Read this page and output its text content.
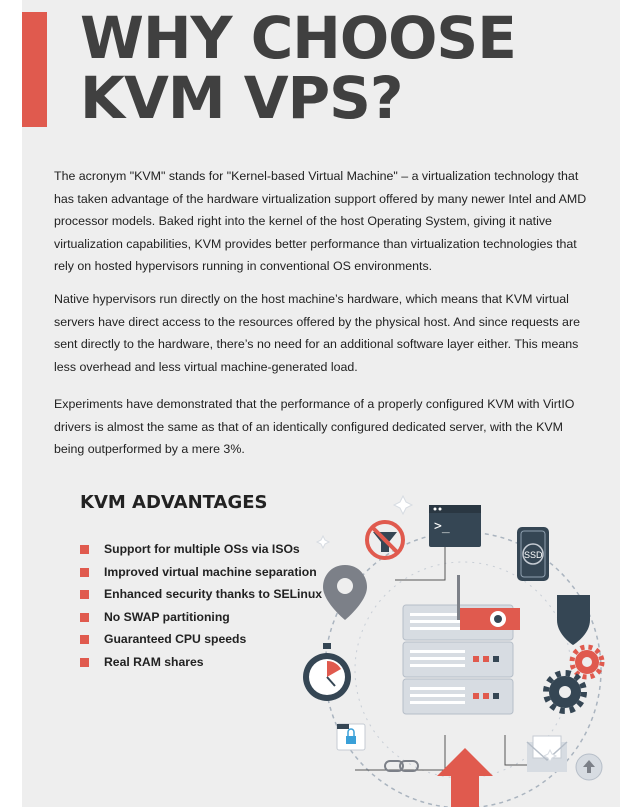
WHY CHOOSE
KVM VPS?

The acronym "KVM" stands for "Kernel-based Virtual Machine" – a virtualization technology that has taken advantage of the hardware virtualization support offered by many newer Intel and AMD processor models. Baked right into the kernel of the host Operating System, giving it native virtualization capabilities, KVM provides better performance than virtualization technologies that rely on hosted hypervisors running in conventional OS environments.

Native hypervisors run directly on the host machine’s hardware, which means that KVM virtual servers have direct access to the resources offered by the physical host. And since requests are sent directly to the hardware, there’s no need for an additional software layer either. This means less overhead and less virtual machine-generated load.

Experiments have demonstrated that the performance of a properly configured KVM with VirtIO drivers is almost the same as that of an identically configured dedicated server, with the KVM being outperformed by a mere 3%.

KVM ADVANTAGES
Support for multiple OSs via ISOs
Improved virtual machine separation
Enhanced security thanks to SELinux
No SWAP partitioning
Guaranteed CPU speeds
Real RAM shares
>_
SSD
